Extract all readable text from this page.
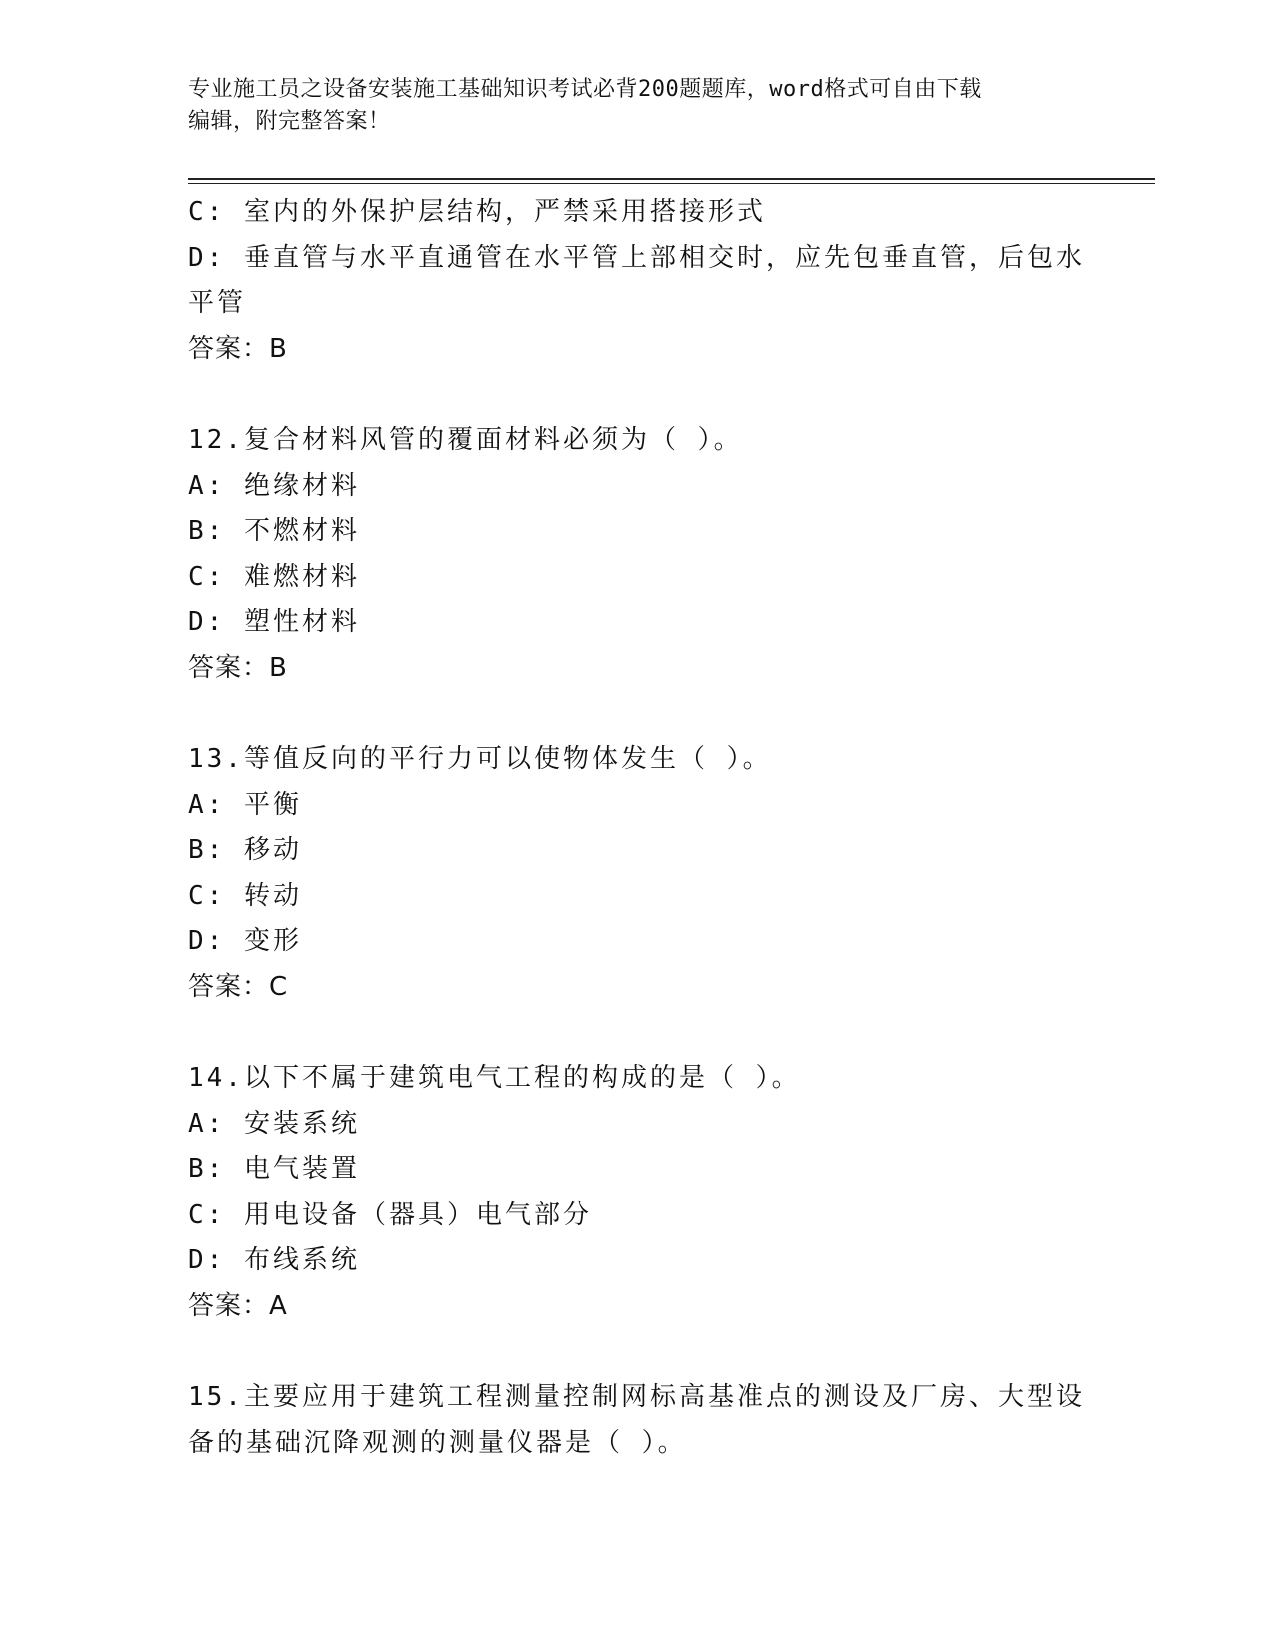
专业施工员之设备安装施工基础知识考试必背200题题库，word格式可自由下载
编辑，附完整答案！
C: 室内的外保护层结构，严禁采用搭接形式
D: 垂直管与水平直通管在水平管上部相交时，应先包垂直管，后包水
平管
答案：B
12.复合材料风管的覆面材料必须为（ ）。
A: 绝缘材料
B: 不燃材料
C: 难燃材料
D: 塑性材料
答案：B
13.等值反向的平行力可以使物体发生（ ）。
A: 平衡
B: 移动
C: 转动
D: 变形
答案：C
14.以下不属于建筑电气工程的构成的是（ ）。
A: 安装系统
B: 电气装置
C: 用电设备（器具）电气部分
D: 布线系统
答案：A
15.主要应用于建筑工程测量控制网标高基准点的测设及厂房、大型设
备的基础沉降观测的测量仪器是（ ）。
